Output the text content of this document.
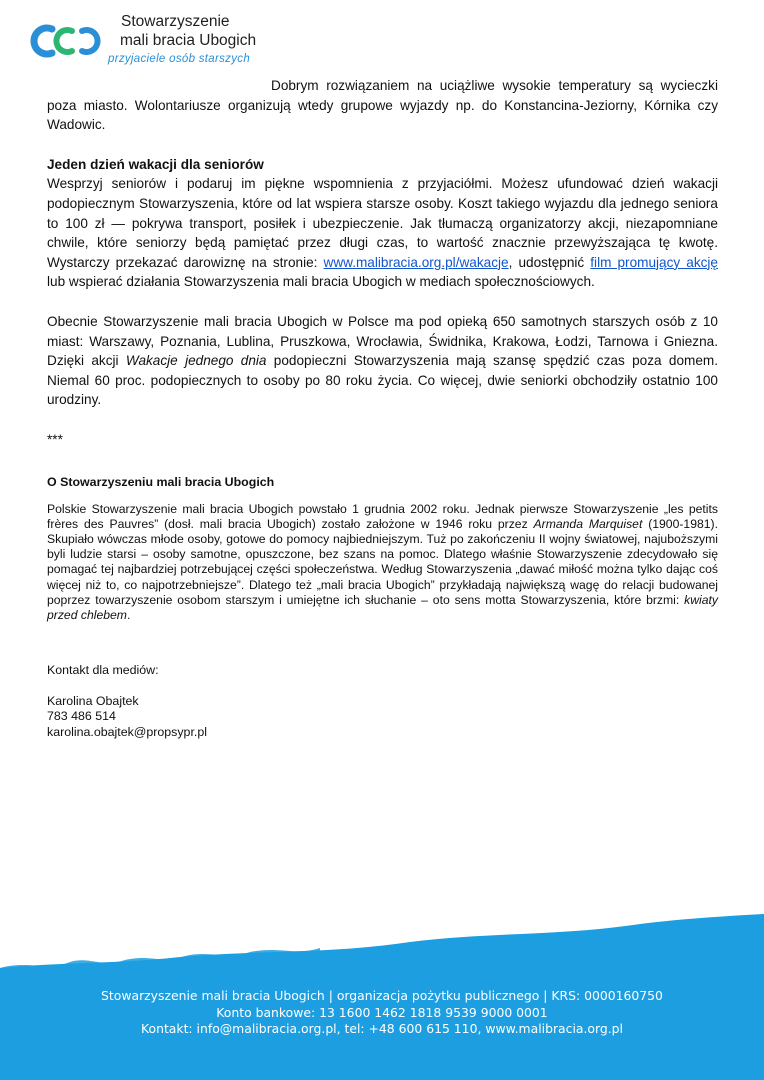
Stowarzyszenie
mali bracia Ubogich
przyjaciele osób starszych

Dobrym rozwiązaniem na uciążliwe wysokie temperatury są wycieczki poza miasto. Wolontariusze organizują wtedy grupowe wyjazdy np. do Konstancina-Jeziorny, Kórnika czy Wadowic.

Jeden dzień wakacji dla seniorów

Wesprzyj seniorów i podaruj im piękne wspomnienia z przyjaciółmi. Możesz ufundować dzień wakacji podopiecznym Stowarzyszenia, które od lat wspiera starsze osoby. Koszt takiego wyjazdu dla jednego seniora to 100 zł — pokrywa transport, posiłek i ubezpieczenie. Jak tłumaczą organizatorzy akcji, niezapomniane chwile, które seniorzy będą pamiętać przez długi czas, to wartość znacznie przewyższająca tę kwotę. Wystarczy przekazać darowiznę na stronie: www.malibracia.org.pl/wakacje, udostępnić film promujący akcję lub wspierać działania Stowarzyszenia mali bracia Ubogich w mediach społecznościowych.

Obecnie Stowarzyszenie mali bracia Ubogich w Polsce ma pod opieką 650 samotnych starszych osób z 10 miast: Warszawy, Poznania, Lublina, Pruszkowa, Wrocławia, Świdnika, Krakowa, Łodzi, Tarnowa i Gniezna. Dzięki akcji Wakacje jednego dnia podopieczni Stowarzyszenia mają szansę spędzić czas poza domem. Niemal 60 proc. podopiecznych to osoby po 80 roku życia. Co więcej, dwie seniorki obchodziły ostatnio 100 urodziny.

***

O Stowarzyszeniu mali bracia Ubogich

Polskie Stowarzyszenie mali bracia Ubogich powstało 1 grudnia 2002 roku. Jednak pierwsze Stowarzyszenie „les petits frères des Pauvres” (dosł. mali bracia Ubogich) zostało założone w 1946 roku przez Armanda Marquiset (1900-1981). Skupiało wówczas młode osoby, gotowe do pomocy najbiedniejszym. Tuż po zakończeniu II wojny światowej, najuboższymi byli ludzie starsi – osoby samotne, opuszczone, bez szans na pomoc. Dlatego właśnie Stowarzyszenie zdecydowało się pomagać tej najbardziej potrzebującej części społeczeństwa. Według Stowarzyszenia „dawać miłość można tylko dając coś więcej niż to, co najpotrzebniejsze”. Dlatego też „mali bracia Ubogich” przykładają największą wagę do relacji budowanej poprzez towarzyszenie osobom starszym i umiejętne ich słuchanie – oto sens motta Stowarzyszenia, które brzmi: kwiaty przed chlebem.

Kontakt dla mediów:
Karolina Obajtek
783 486 514
karolina.obajtek@propsypr.pl
Stowarzyszenie mali bracia Ubogich | organizacja pożytku publicznego | KRS: 0000160750
Konto bankowe: 13 1600 1462 1818 9539 9000 0001
Kontakt: info@malibracia.org.pl, tel: +48 600 615 110, www.malibracia.org.pl
